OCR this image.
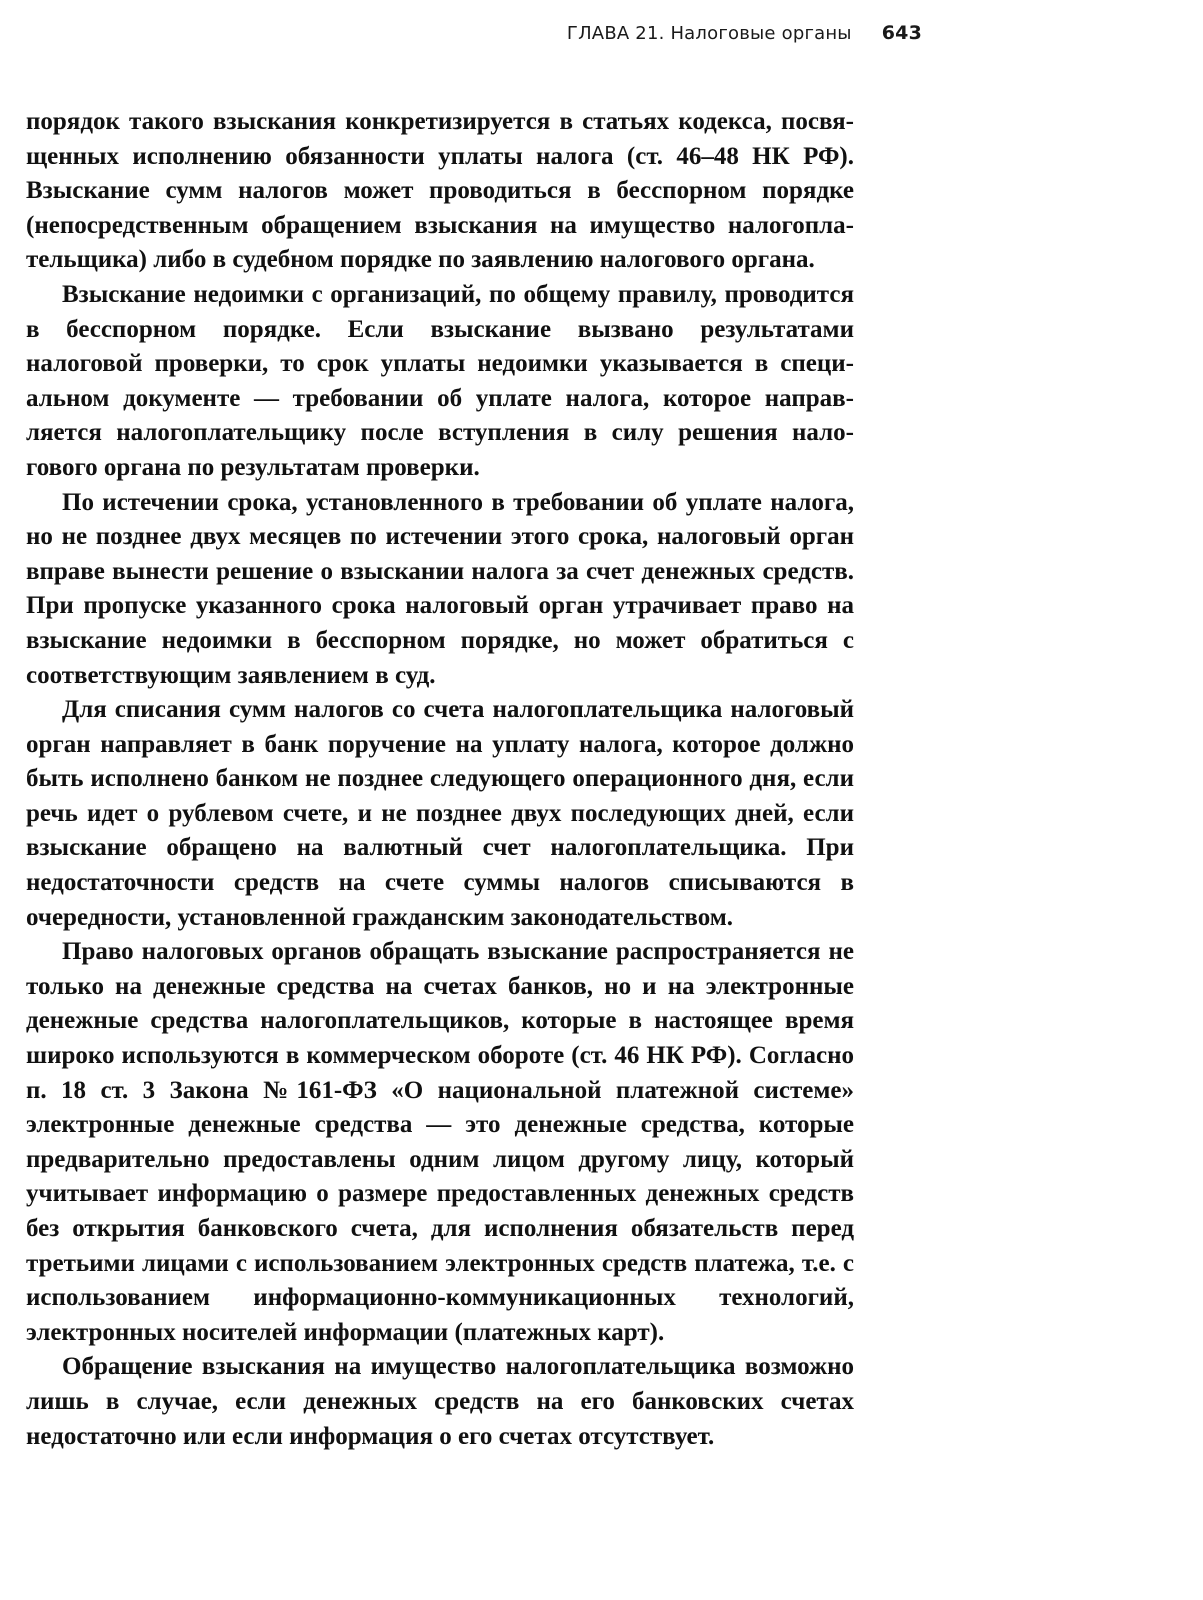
ГЛАВА 21. Налоговые органы 643

порядок такого взыскания конкретизируется в статьях кодекса, посвященных исполнению обязанности уплаты налога (ст. 46–48 НК РФ). Взыскание сумм налогов может проводиться в бесспорном порядке (непосредственным обращением взыскания на имущество налогоплательщика) либо в судебном порядке по заявлению налогового органа.

Взыскание недоимки с организаций, по общему правилу, проводится в бесспорном порядке. Если взыскание вызвано результатами налоговой проверки, то срок уплаты недоимки указывается в специальном документе — требовании об уплате налога, которое направляется налогоплательщику после вступления в силу решения налогового органа по результатам проверки.

По истечении срока, установленного в требовании об уплате налога, но не позднее двух месяцев по истечении этого срока, налоговый орган вправе вынести решение о взыскании налога за счет денежных средств. При пропуске указанного срока налоговый орган утрачивает право на взыскание недоимки в бесспорном порядке, но может обратиться с соответствующим заявлением в суд.

Для списания сумм налогов со счета налогоплательщика налоговый орган направляет в банк поручение на уплату налога, которое должно быть исполнено банком не позднее следующего операционного дня, если речь идет о рублевом счете, и не позднее двух последующих дней, если взыскание обращено на валютный счет налогоплательщика. При недостаточности средств на счете суммы налогов списываются в очередности, установленной гражданским законодательством.

Право налоговых органов обращать взыскание распространяется не только на денежные средства на счетах банков, но и на электронные денежные средства налогоплательщиков, которые в настоящее время широко используются в коммерческом обороте (ст. 46 НК РФ). Согласно п. 18 ст. 3 Закона №161-ФЗ «О национальной платежной системе» электронные денежные средства — это денежные средства, которые предварительно предоставлены одним лицом другому лицу, который учитывает информацию о размере предоставленных денежных средств без открытия банковского счета, для исполнения обязательств перед третьими лицами с использованием электронных средств платежа, т.е. с использованием информационно-коммуникационных технологий, электронных носителей информации (платежных карт).

Обращение взыскания на имущество налогоплательщика возможно лишь в случае, если денежных средств на его банковских счетах недостаточно или если информация о его счетах отсутствует.
